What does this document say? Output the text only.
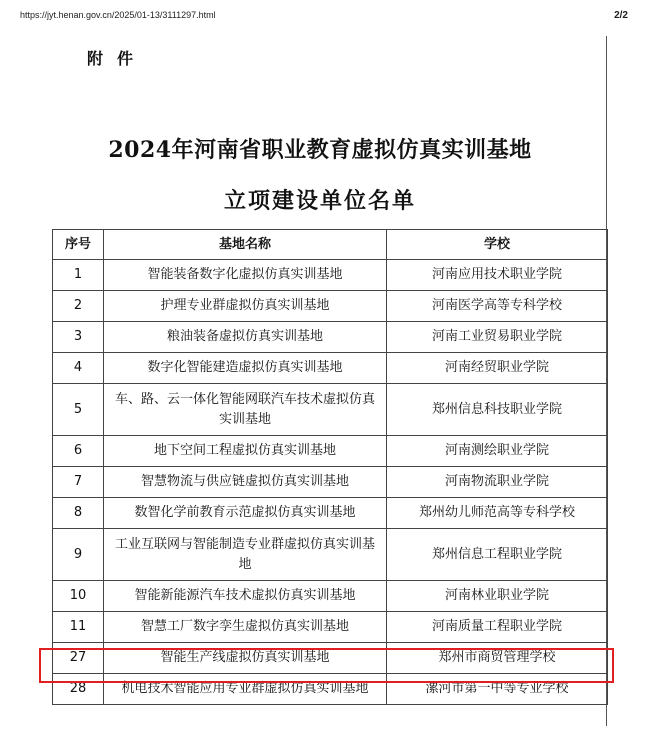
https://jyt.henan.gov.cn/2025/01-13/3111297.html	2/2
附件
2024年河南省职业教育虚拟仿真实训基地
立项建设单位名单
序号	基地名称	学校
1	智能装备数字化虚拟仿真实训基地	河南应用技术职业学院
2	护理专业群虚拟仿真实训基地	河南医学高等专科学校
3	粮油装备虚拟仿真实训基地	河南工业贸易职业学院
4	数字化智能建造虚拟仿真实训基地	河南经贸职业学院
5	车、路、云一体化智能网联汽车技术虚拟仿真实训基地	郑州信息科技职业学院
6	地下空间工程虚拟仿真实训基地	河南测绘职业学院
7	智慧物流与供应链虚拟仿真实训基地	河南物流职业学院
8	数智化学前教育示范虚拟仿真实训基地	郑州幼儿师范高等专科学校
9	工业互联网与智能制造专业群虚拟仿真实训基地	郑州信息工程职业学院
10	智能新能源汽车技术虚拟仿真实训基地	河南林业职业学院
11	智慧工厂数字孪生虚拟仿真实训基地	河南质量工程职业学院
27	智能生产线虚拟仿真实训基地	郑州市商贸管理学校
28	机电技术智能应用专业群虚拟仿真实训基地	漯河市第一中等专业学校
